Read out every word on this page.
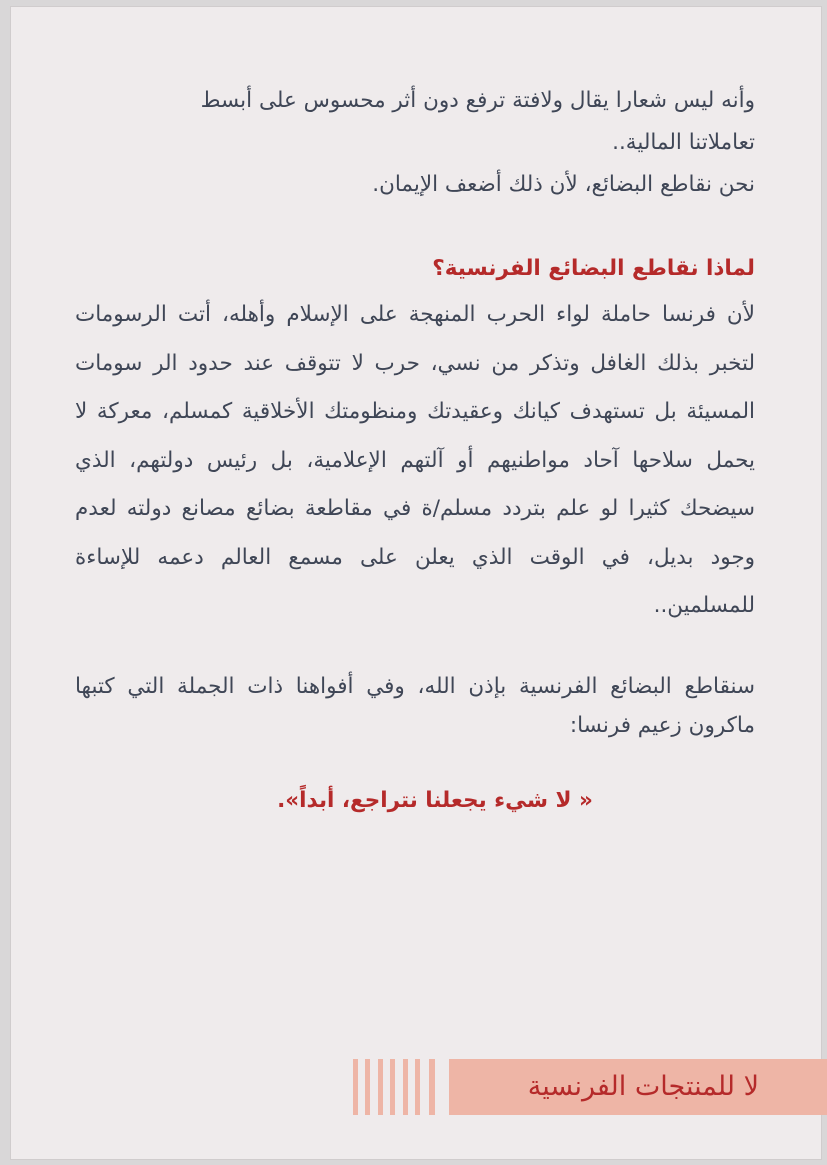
وأنه ليس شعارا يقال ولافتة ترفع دون أثر محسوس على أبسط

تعاملاتنا المالية..

نحن نقاطع البضائع، لأن ذلك أضعف الإيمان.

لماذا نقاطع البضائع الفرنسية؟

لأن فرنسا حاملة لواء الحرب المنهجة على الإسلام وأهله، أتت الرسومات لتخبر بذلك الغافل وتذكر من نسي، حرب لا تتوقف عند حدود الر سومات المسيئة بل تستهدف كيانك وعقيدتك ومنظومتك الأخلاقية كمسلم، معركة لا يحمل سلاحها آحاد مواطنيهم أو آلتهم الإعلامية، بل رئيس دولتهم، الذي سيضحك كثيرا لو علم بتردد مسلم/ة في مقاطعة بضائع مصانع دولته لعدم وجود بديل، في الوقت الذي يعلن على مسمع العالم دعمه للإساءة للمسلمين..

سنقاطع البضائع الفرنسية بإذن الله، وفي أفواهنا ذات الجملة التي كتبها ماكرون زعيم فرنسا:

« لا شيء يجعلنا نتراجع، أبداً».

لا للمنتجات الفرنسية
